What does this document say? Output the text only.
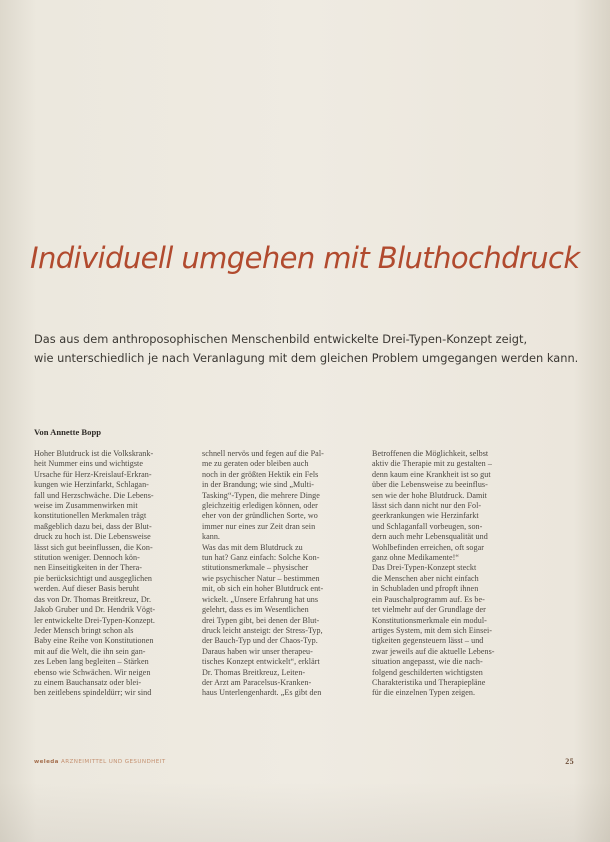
Individuell umgehen mit Bluthochdruck

Das aus dem anthroposophischen Menschenbild entwickelte Drei-Typen-Konzept zeigt,

wie unterschiedlich je nach Veranlagung mit dem gleichen Problem umgegangen werden kann.

Von Annette Bopp

Hoher Blutdruck ist die Volkskrank-

heit Nummer eins und wichtigste

Ursache für Herz-Kreislauf-Erkran-

kungen wie Herzinfarkt, Schlagan-

fall und Herzschwäche. Die Lebens-

weise im Zusammenwirken mit

konstitutionellen Merkmalen trägt

maßgeblich dazu bei, dass der Blut-

druck zu hoch ist. Die Lebensweise

lässt sich gut beeinflussen, die Kon-

stitution weniger. Dennoch kön-

nen Einseitigkeiten in der Thera-

pie berücksichtigt und ausgeglichen

werden. Auf dieser Basis beruht

das von Dr. Thomas Breitkreuz, Dr.

Jakob Gruber und Dr. Hendrik Vögt-

ler entwickelte Drei-Typen-Konzept.

Jeder Mensch bringt schon als

Baby eine Reihe von Konstitutionen

mit auf die Welt, die ihn sein gan-

zes Leben lang begleiten – Stärken

ebenso wie Schwächen. Wir neigen

zu einem Bauchansatz oder blei-

ben zeitlebens spindeldürr; wir sind

schnell nervös und fegen auf die Pal-

me zu geraten oder bleiben auch

noch in der größten Hektik ein Fels

in der Brandung; wie sind „Multi-

Tasking“-Typen, die mehrere Dinge

gleichzeitig erledigen können, oder

eher von der gründlichen Sorte, wo

immer nur eines zur Zeit dran sein

kann.

Was das mit dem Blutdruck zu

tun hat? Ganz einfach: Solche Kon-

stitutionsmerkmale – physischer

wie psychischer Natur – bestimmen

mit, ob sich ein hoher Blutdruck ent-

wickelt. „Unsere Erfahrung hat uns

gelehrt, dass es im Wesentlichen

drei Typen gibt, bei denen der Blut-

druck leicht ansteigt: der Stress-Typ,

der Bauch-Typ und der Chaos-Typ.

Daraus haben wir unser therapeu-

tisches Konzept entwickelt“, erklärt

Dr. Thomas Breitkreuz, Leiten-

der Arzt am Paracelsus-Kranken-

haus Unterlengenhardt. „Es gibt den

Betroffenen die Möglichkeit, selbst

aktiv die Therapie mit zu gestalten –

denn kaum eine Krankheit ist so gut

über die Lebensweise zu beeinflus-

sen wie der hohe Blutdruck. Damit

lässt sich dann nicht nur den Fol-

geerkrankungen wie Herzinfarkt

und Schlaganfall vorbeugen, son-

dern auch mehr Lebensqualität und

Wohlbefinden erreichen, oft sogar

ganz ohne Medikamente!“

Das Drei-Typen-Konzept steckt

die Menschen aber nicht einfach

in Schubladen und pfropft ihnen

ein Pauschalprogramm auf. Es be-

tet vielmehr auf der Grundlage der

Konstitutionsmerkmale ein modul-

artiges System, mit dem sich Einsei-

tigkeiten gegensteuern lässt – und

zwar jeweils auf die aktuelle Lebens-

situation angepasst, wie die nach-

folgend geschilderten wichtigsten

Charakteristika und Therapiepläne

für die einzelnen Typen zeigen.

weleda ARZNEIMITTEL UND GESUNDHEIT	25
